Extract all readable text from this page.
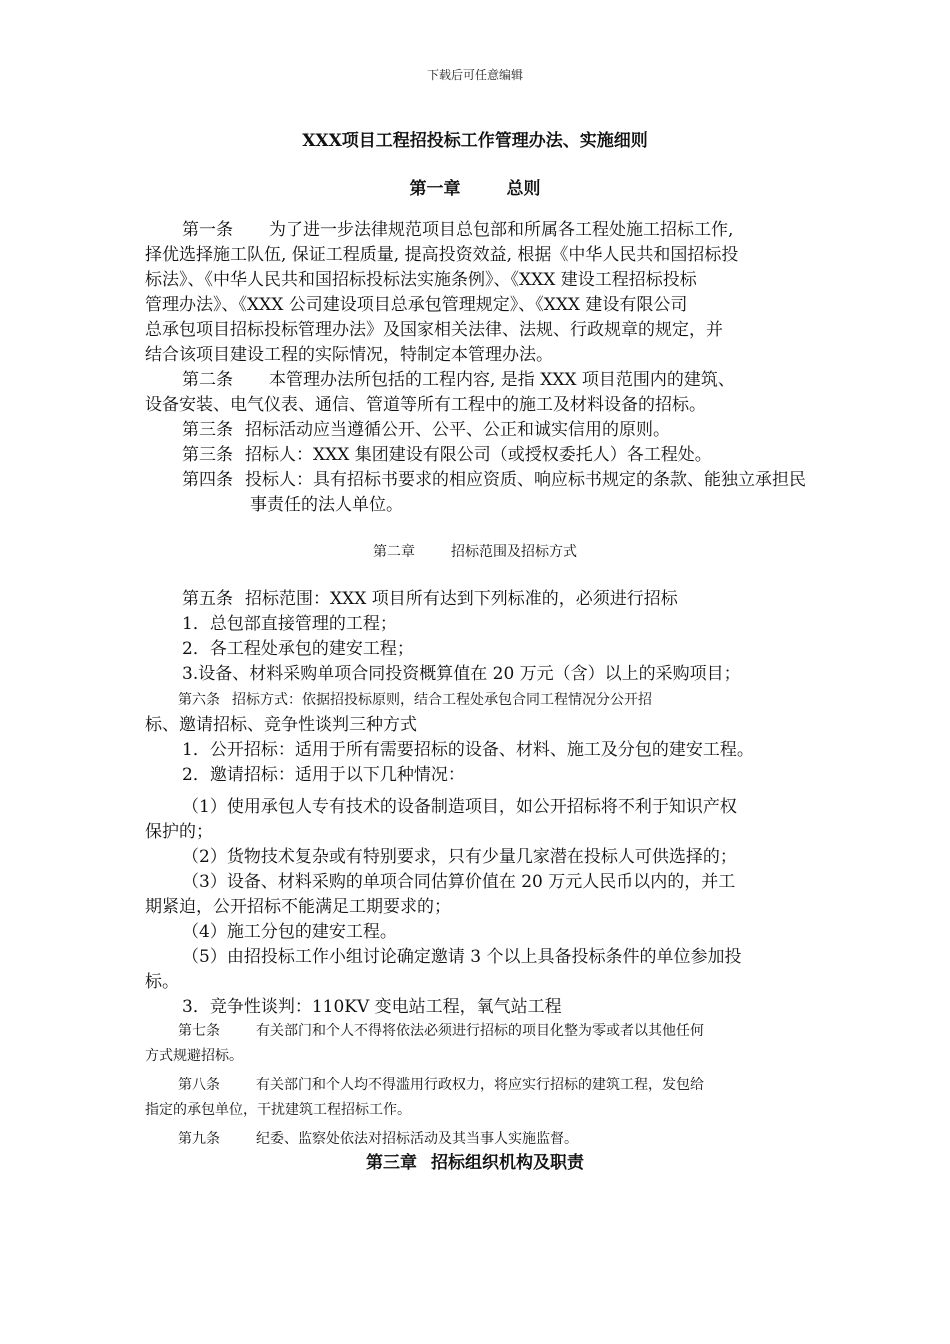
下载后可任意编辑
XXX项目工程招投标工作管理办法、实施细则
第一章	总则

第一条 为了进一步法律规范项目总包部和所属各工程处施工招标工作,

择优选择施工队伍, 保证工程质量, 提高投资效益, 根据《中华人民共和国招标投

标法》、《中华人民共和国招标投标法实施条例》、《XXX 建设工程招标投标

管理办法》、《XXX 公司建设项目总承包管理规定》、《XXX 建设有限公司

总承包项目招标投标管理办法》及国家相关法律、法规、行政规章的规定，并

结合该项目建设工程的实际情况，特制定本管理办法。

第二条 本管理办法所包括的工程内容, 是指 XXX 项目范围内的建筑、

设备安装、电气仪表、通信、管道等所有工程中的施工及材料设备的招标。

第三条 招标活动应当遵循公开、公平、公正和诚实信用的原则。

第三条 招标人：XXX 集团建设有限公司（或授权委托人）各工程处。

第四条 投标人：具有招标书要求的相应资质、响应标书规定的条款、能独立承担民事责任的法人单位。

第二章	招标范围及招标方式

第五条 招标范围：XXX 项目所有达到下列标准的，必须进行招标

1．总包部直接管理的工程；

2．各工程处承包的建安工程；

3.设备、材料采购单项合同投资概算值在 20 万元（含）以上的采购项目；

第六条 招标方式：依据招投标原则，结合工程处承包合同工程情况分公开招

标、邀请招标、竞争性谈判三种方式

1．公开招标：适用于所有需要招标的设备、材料、施工及分包的建安工程。

2．邀请招标：适用于以下几种情况：

（1）使用承包人专有技术的设备制造项目，如公开招标将不利于知识产权

保护的；

（2）货物技术复杂或有特别要求，只有少量几家潜在投标人可供选择的；

（3）设备、材料采购的单项合同估算价值在 20 万元人民币以内的，并工

期紧迫，公开招标不能满足工期要求的；

（4）施工分包的建安工程。

（5）由招投标工作小组讨论确定邀请 3 个以上具备投标条件的单位参加投

标。

3．竞争性谈判：110KV 变电站工程，氧气站工程

第七条	有关部门和个人不得将依法必须进行招标的项目化整为零或者以其他任何

方式规避招标。

第八条	有关部门和个人均不得滥用行政权力，将应实行招标的建筑工程，发包给

指定的承包单位，干扰建筑工程招标工作。

第九条	纪委、监察处依法对招标活动及其当事人实施监督。

第三章 招标组织机构及职责
